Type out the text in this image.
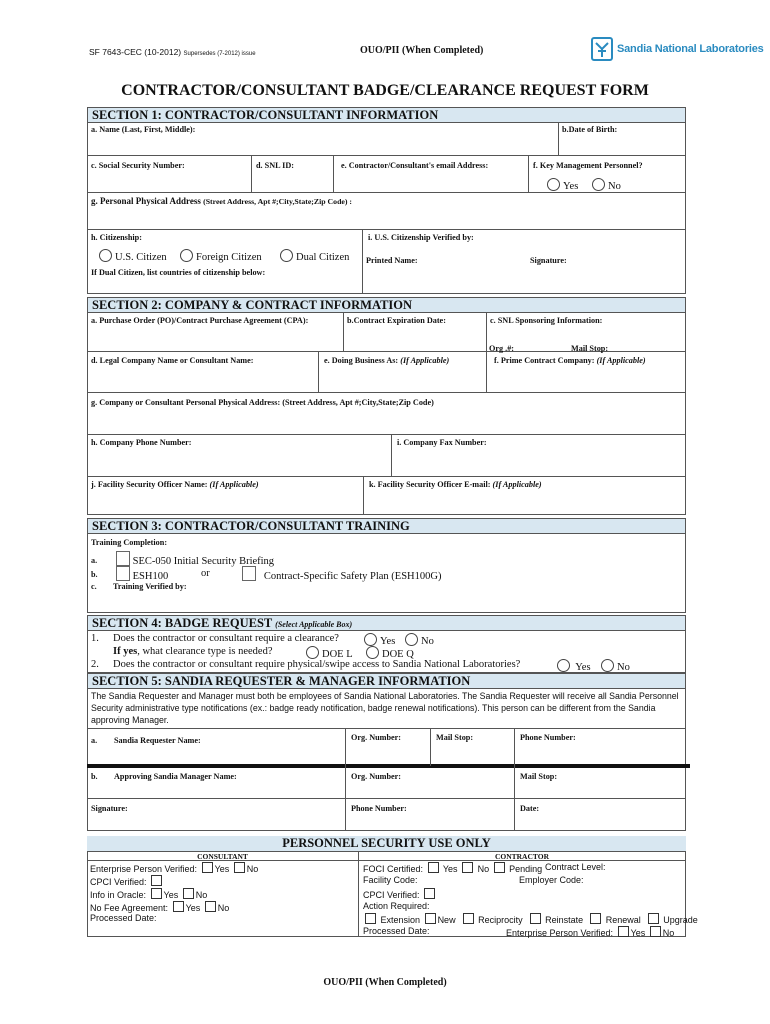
SF 7643-CEC (10-2012) Supersedes (7-2012) issue	OUO/PII (When Completed)	Sandia National Laboratories
CONTRACTOR/CONSULTANT BADGE/CLEARANCE REQUEST FORM
SECTION 1: CONTRACTOR/CONSULTANT INFORMATION
a. Name (Last, First, Middle):	b.Date of Birth:
c. Social Security Number:	d. SNL ID:	e. Contractor/Consultant's email Address:	f. Key Management Personnel?
Yes	No
g. Personal Physical Address (Street Address, Apt #;City,State;Zip Code) :
h. Citizenship:
U.S. Citizen	Foreign Citizen	Dual Citizen
If Dual Citizen, list countries of citizenship below:
i. U.S. Citizenship Verified by:
Printed Name:	Signature:
SECTION 2: COMPANY & CONTRACT INFORMATION
a. Purchase Order (PO)/Contract Purchase Agreement (CPA):	b.Contract Expiration Date:	c. SNL Sponsoring Information:
Org .#:	Mail Stop:
d. Legal Company Name or Consultant Name:	e. Doing Business As: (If Applicable)	f. Prime Contract Company: (If Applicable)
g. Company or Consultant Personal Physical Address: (Street Address, Apt #;City,State;Zip Code)
h. Company Phone Number:	i. Company Fax Number:
j. Facility Security Officer Name: (If Applicable)	k. Facility Security Officer E-mail: (If Applicable)
SECTION 3: CONTRACTOR/CONSULTANT TRAINING
Training Completion:
a.	SEC-050 Initial Security Briefing
b.	ESH100	or	Contract-Specific Safety Plan (ESH100G)
c. Training Verified by:
SECTION 4: BADGE REQUEST (Select Applicable Box)
1. Does the contractor or consultant require a clearance?	Yes	No
If yes, what clearance type is needed?	DOE L	DOE Q
2. Does the contractor or consultant require physical/swipe access to Sandia National Laboratories?	Yes	No
SECTION 5: SANDIA REQUESTER & MANAGER INFORMATION
The Sandia Requester and Manager must both be employees of Sandia National Laboratories. The Sandia Requester will receive all Sandia Personnel Security administrative type notifications (ex.: badge ready notification, badge renewal notifications). This person can be different from the Sandia approving Manager.
a. Sandia Requester Name:	Org. Number:	Mail Stop:	Phone Number:
b. Approving Sandia Manager Name:	Org. Number:	Mail Stop:
Signature:	Phone Number:	Date:
PERSONNEL SECURITY USE ONLY
CONSULTANT	CONTRACTOR
Enterprise Person Verified: Yes No
CPCI Verified:
Info in Oracle: Yes No
No Fee Agreement: Yes No
Processed Date:
FOCI Certified: Yes No Pending Contract Level:
Facility Code:	Employer Code:
CPCI Verified:
Action Required:
Extension New	Reciprocity	Reinstate	Renewal	Upgrade
Processed Date:	Enterprise Person Verified: Yes No
OUO/PII (When Completed)
